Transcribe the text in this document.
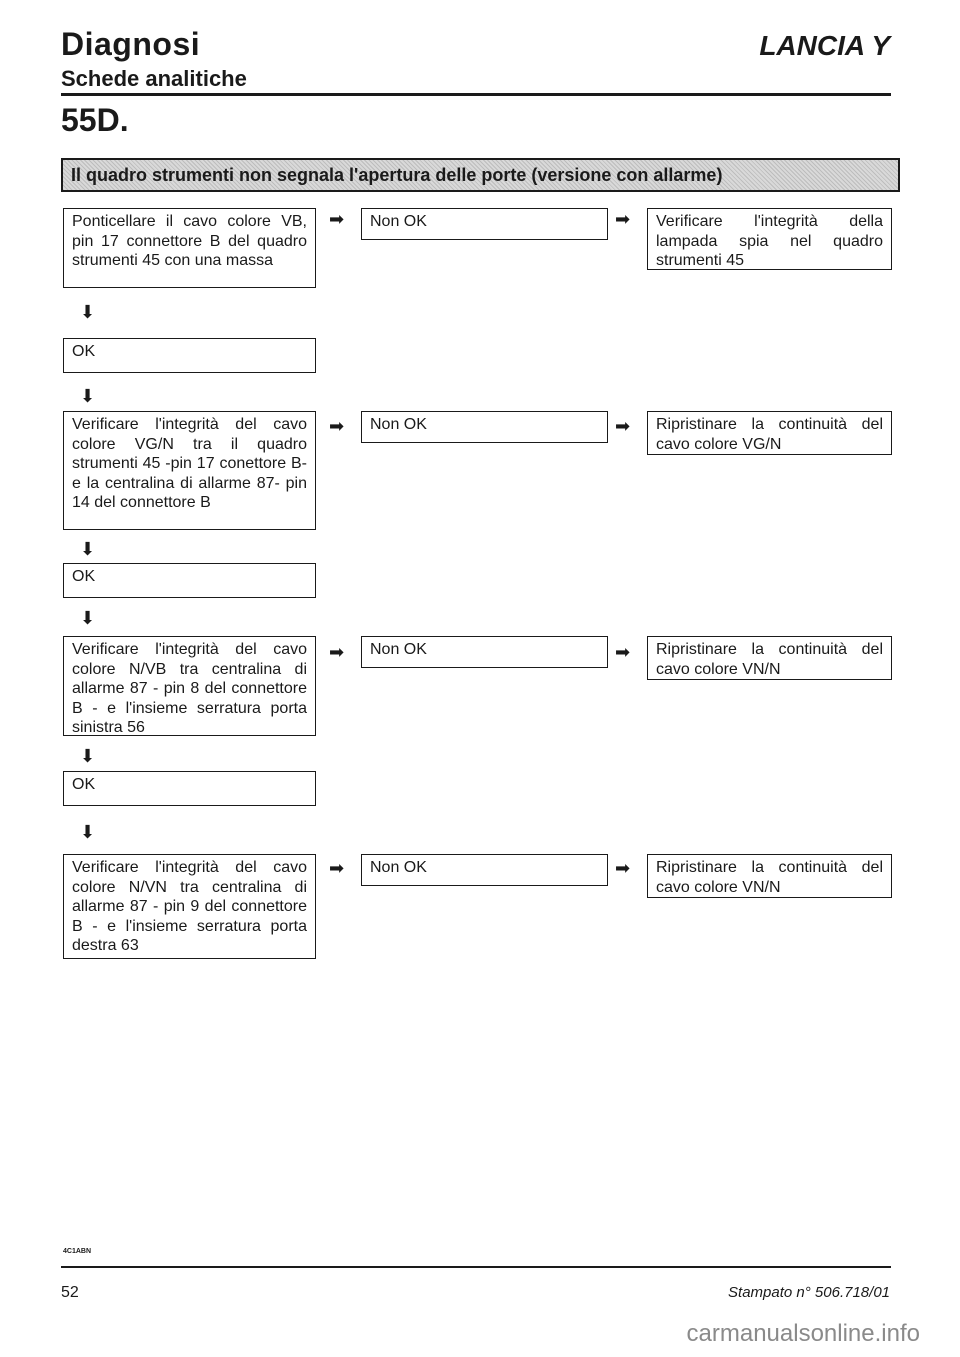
Diagnosi
Schede analitiche
LANCIA Y
55D.
Il quadro strumenti non segnala l'apertura delle porte (versione con allarme)
Ponticellare il cavo colore VB, pin 17 connettore B del quadro strumenti 45 con una massa
➡	Non OK	➡	Verificare l'integrità della lampada spia nel quadro strumenti 45
⬇
OK
⬇
Verificare l'integrità del cavo colore VG/N tra il quadro strumenti 45 -pin 17 conettore B- e la centralina di allarme 87- pin 14 del connettore B
➡	Non OK	➡	Ripristinare la continuità del cavo colore VG/N
⬇
OK
⬇
Verificare l'integrità del cavo colore N/VB tra centralina di allarme 87 - pin 8 del connettore B - e l'insieme serratura porta sinistra 56
➡	Non OK	➡	Ripristinare la continuità del cavo colore VN/N
⬇
OK
⬇
Verificare l'integrità del cavo colore N/VN tra centralina di allarme 87 - pin 9 del connettore B - e l'insieme serratura porta destra 63
➡	Non OK	➡	Ripristinare la continuità del cavo colore VN/N
4C1ABN
52	Stampato n° 506.718/01
carmanualsonline.info
